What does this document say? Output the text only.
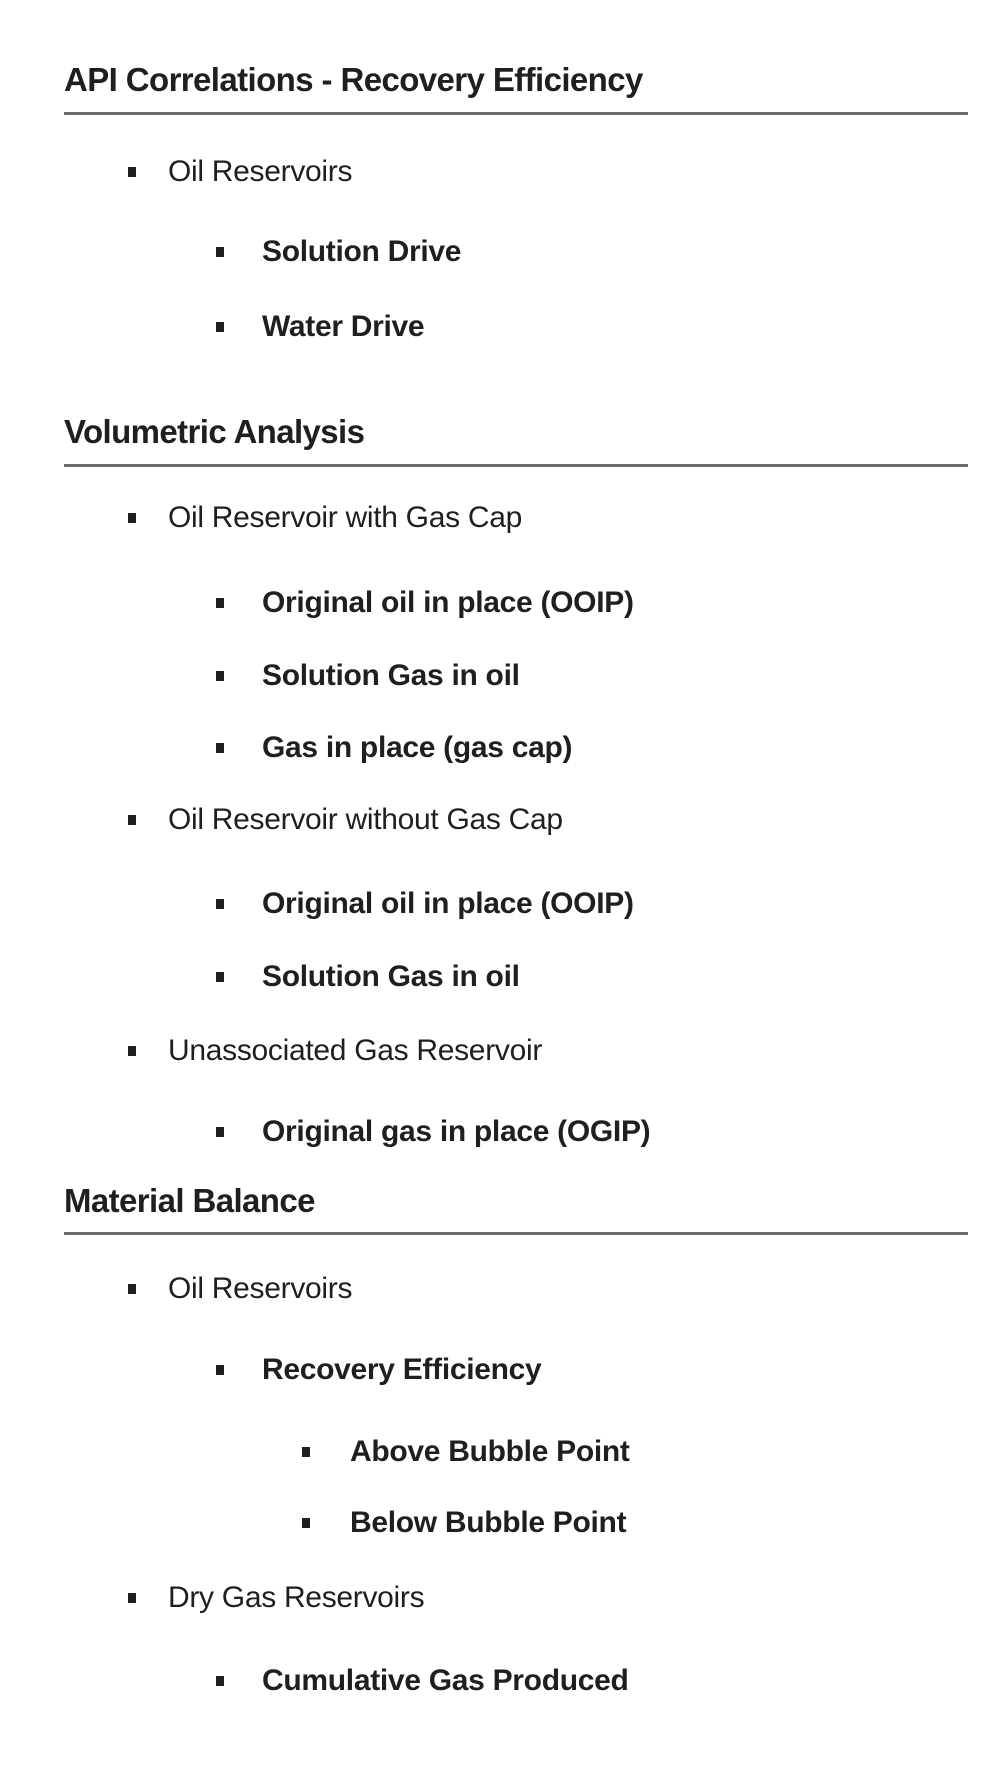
API Correlations - Recovery Efficiency
Oil Reservoirs
Solution Drive
Water Drive
Volumetric Analysis
Oil Reservoir with Gas Cap
Original oil in place (OOIP)
Solution Gas in oil
Gas in place (gas cap)
Oil Reservoir without Gas Cap
Original oil in place (OOIP)
Solution Gas in oil
Unassociated Gas Reservoir
Original gas in place (OGIP)
Material Balance
Oil Reservoirs
Recovery Efficiency
Above Bubble Point
Below Bubble Point
Dry Gas Reservoirs
Cumulative Gas Produced
